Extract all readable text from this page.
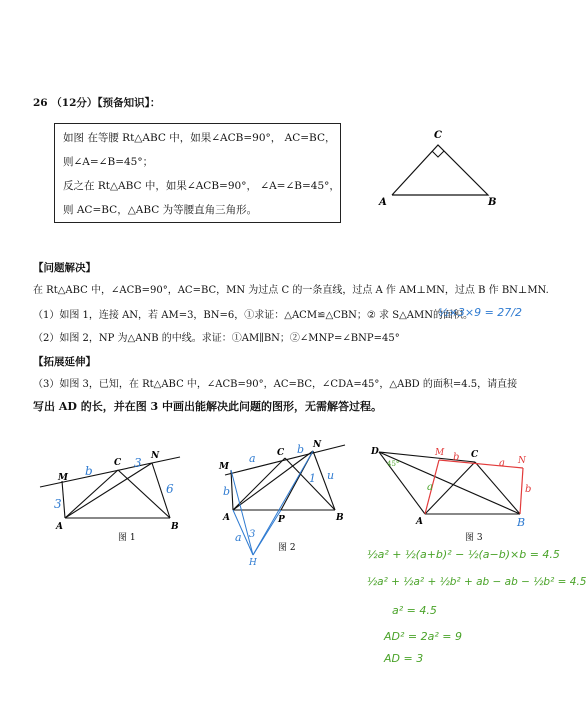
26 （12分）【预备知识】：
如图 在等腰 Rt△ABC 中，如果∠ACB=90°， AC=BC，
则∠A=∠B=45°；
反之在 Rt△ABC 中，如果∠ACB=90°， ∠A=∠B=45°，
则 AC=BC，△ABC 为等腰直角三角形。
C
A	B
【问题解决】
在 Rt△ABC 中，∠ACB=90°，AC=BC，MN 为过点 C 的一条直线，过点 A 作 AM⊥MN，过点 B 作 BN⊥MN.
（1）如图 1，连接 AN，若 AM=3，BN=6，①求证：△ACM≌△CBN；② 求 S△AMN的面积。
½×3×9 = 27/2
（2）如图 2，NP 为△ANB 的中线。求证：①AM∥BN；②∠MNP=∠BNP=45°
【拓展延伸】
（3）如图 3，已知，在 Rt△ABC 中，∠ACB=90°，AC=BC，∠CDA=45°，△ABD 的面积=4.5，请直接
写出 AD 的长，并在图 3 中画出能解决此问题的图形，无需解答过程。
M
C
N
A	B
b
3
3
6
图 1
M
C
N
A	B
P
H
a
b
b
1 u
a 3
图 2
D	M	C
N
A	B
45°
a
b
a
b
图 3
½a² + ½(a+b)² − ½(a−b)×b = 4.5
½a² + ½a² + ½b² + ab − ab − ½b² = 4.5
a² = 4.5
AD² = 2a² = 9
AD = 3
